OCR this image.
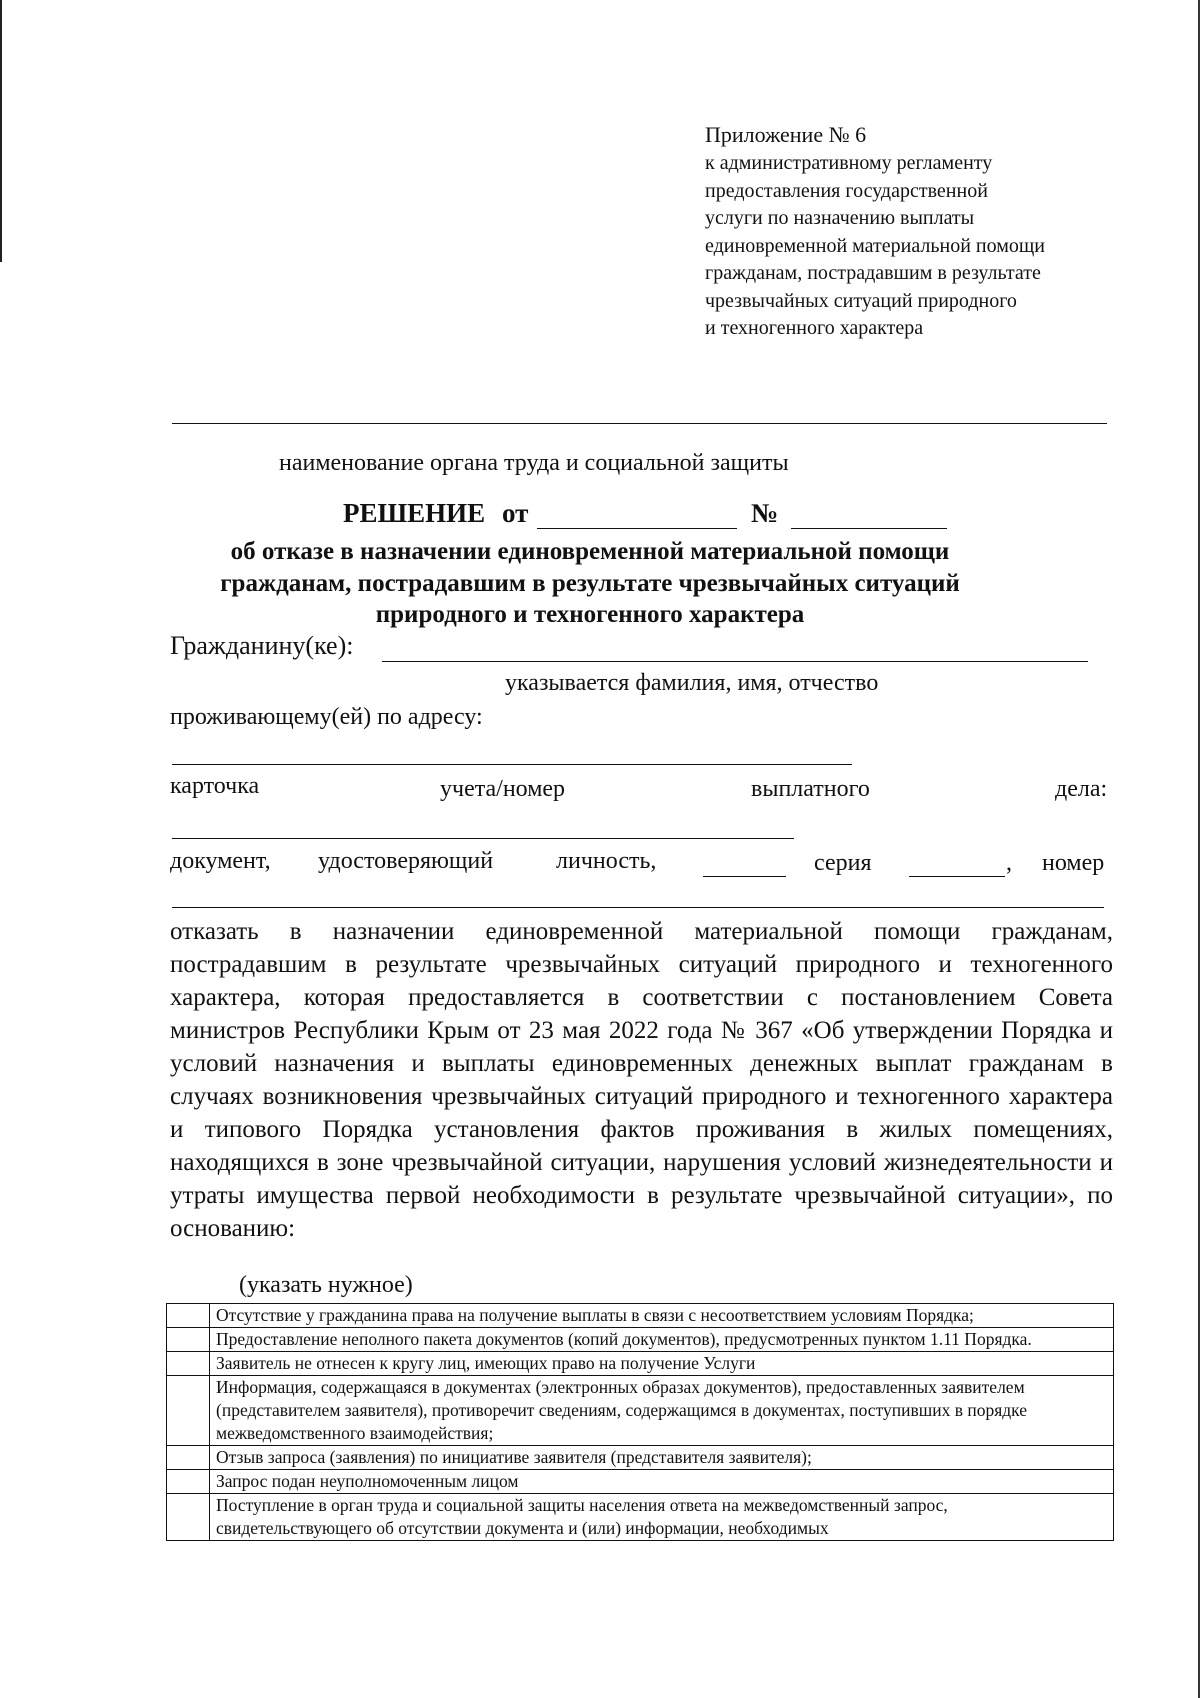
Приложение № 6
к административному регламенту
предоставления государственной
услуги по назначению выплаты
единовременной материальной помощи
гражданам, пострадавшим в результате
чрезвычайных ситуаций природного
и техногенного характера
наименование органа труда и социальной защиты
РЕШЕНИЕ от	№
об отказе в назначении единовременной материальной помощи гражданам, пострадавшим в результате чрезвычайных ситуаций природного и техногенного характера
Гражданину(ке):
указывается фамилия, имя, отчество
проживающему(ей) по адресу:
карточка	учета/номер	выплатного	дела:
документ, удостоверяющий	личность,	серия	, номер
отказать в назначении единовременной материальной помощи гражданам, пострадавшим в результате чрезвычайных ситуаций природного и техногенного характера, которая предоставляется в соответствии с постановлением Совета министров Республики Крым от 23 мая 2022 года № 367 «Об утверждении Порядка и условий назначения и выплаты единовременных денежных выплат гражданам в случаях возникновения чрезвычайных ситуаций природного и техногенного характера и типового Порядка установления фактов проживания в жилых помещениях, находящихся в зоне чрезвычайной ситуации, нарушения условий жизнедеятельности и утраты имущества первой необходимости в результате чрезвычайной ситуации», по основанию:
(указать нужное)
	Отсутствие у гражданина права на получение выплаты в связи с несоответствием условиям Порядка;
	Предоставление неполного пакета документов (копий документов), предусмотренных пунктом 1.11 Порядка.
	Заявитель не отнесен к кругу лиц, имеющих право на получение Услуги
	Информация, содержащаяся в документах (электронных образах документов), предоставленных заявителем (представителем заявителя), противоречит сведениям, содержащимся в документах, поступивших в порядке межведомственного взаимодействия;
	Отзыв запроса (заявления) по инициативе заявителя (представителя заявителя);
	Запрос подан неуполномоченным лицом
	Поступление в орган труда и социальной защиты населения ответа на межведомственный запрос, свидетельствующего об отсутствии документа и (или) информации, необходимых
